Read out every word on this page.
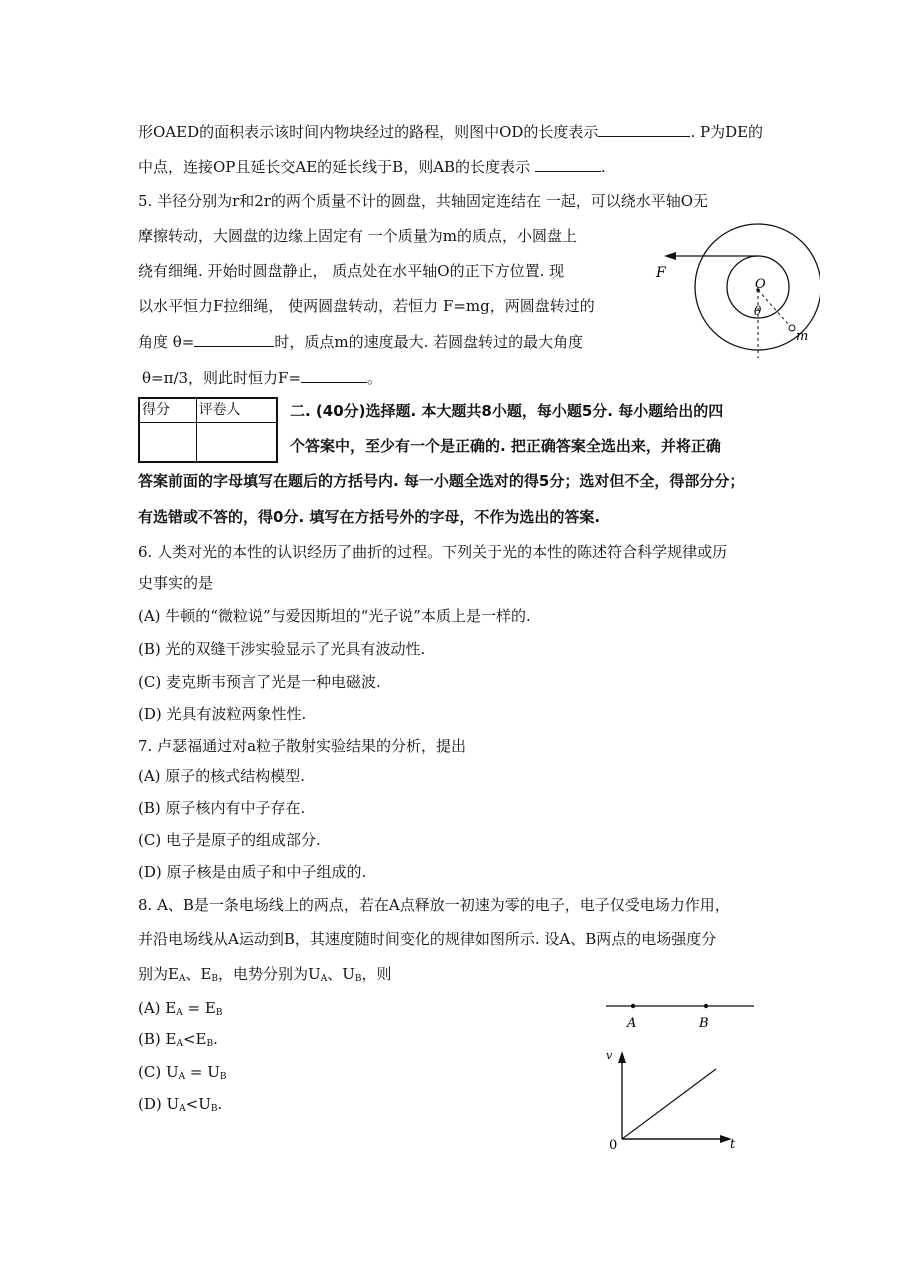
形OAED的面积表示该时间内物块经过的路程，则图中OD的长度表示	. P为DE的
中点，连接OP且延长交AE的延长线于B，则AB的长度表示	.
5. 半径分别为r和2r的两个质量不计的圆盘，共轴固定连结在 一起，可以绕水平轴O无
摩擦转动，大圆盘的边缘上固定有 一个质量为m的质点，小圆盘上
绕有细绳. 开始时圆盘静止， 质点处在水平轴O的正下方位置. 现
以水平恒力F拉细绳， 使两圆盘转动，若恒力 F=mg，两圆盘转过的
角度 θ=	时，质点m的速度最大. 若圆盘转过的最大角度
θ=π/3，则此时恒力F=	。
F
O
θ
m
得分	评卷人
		二. (40分)选择题. 本大题共8小题，每小题5分. 每小题给出的四
个答案中，至少有一个是正确的. 把正确答案全选出来，并将正确
答案前面的字母填写在题后的方括号内. 每一小题全选对的得5分；选对但不全，得部分分；
有选错或不答的，得0分. 填写在方括号外的字母，不作为选出的答案.
6. 人类对光的本性的认识经历了曲折的过程。下列关于光的本性的陈述符合科学规律或历
史事实的是
(A) 牛顿的“微粒说”与爱因斯坦的“光子说”本质上是一样的.
(B) 光的双缝干涉实验显示了光具有波动性.
(C) 麦克斯韦预言了光是一种电磁波.
(D) 光具有波粒两象性性.
7. 卢瑟福通过对a粒子散射实验结果的分析，提出
(A) 原子的核式结构模型.
(B) 原子核内有中子存在.
(C) 电子是原子的组成部分.
(D) 原子核是由质子和中子组成的.
8. A、B是一条电场线上的两点，若在A点释放一初速为零的电子，电子仅受电场力作用，
并沿电场线从A运动到B，其速度随时间变化的规律如图所示. 设A、B两点的电场强度分
别为$E_A$、$E_B$，电势分别为$U_A$、$U_B$，则
(A) $E_A = E_B$
(B) $E_A<E_B$.
(C) $U_A = U_B$
(D) $U_A<U_B$.
A	B
v
0	t
